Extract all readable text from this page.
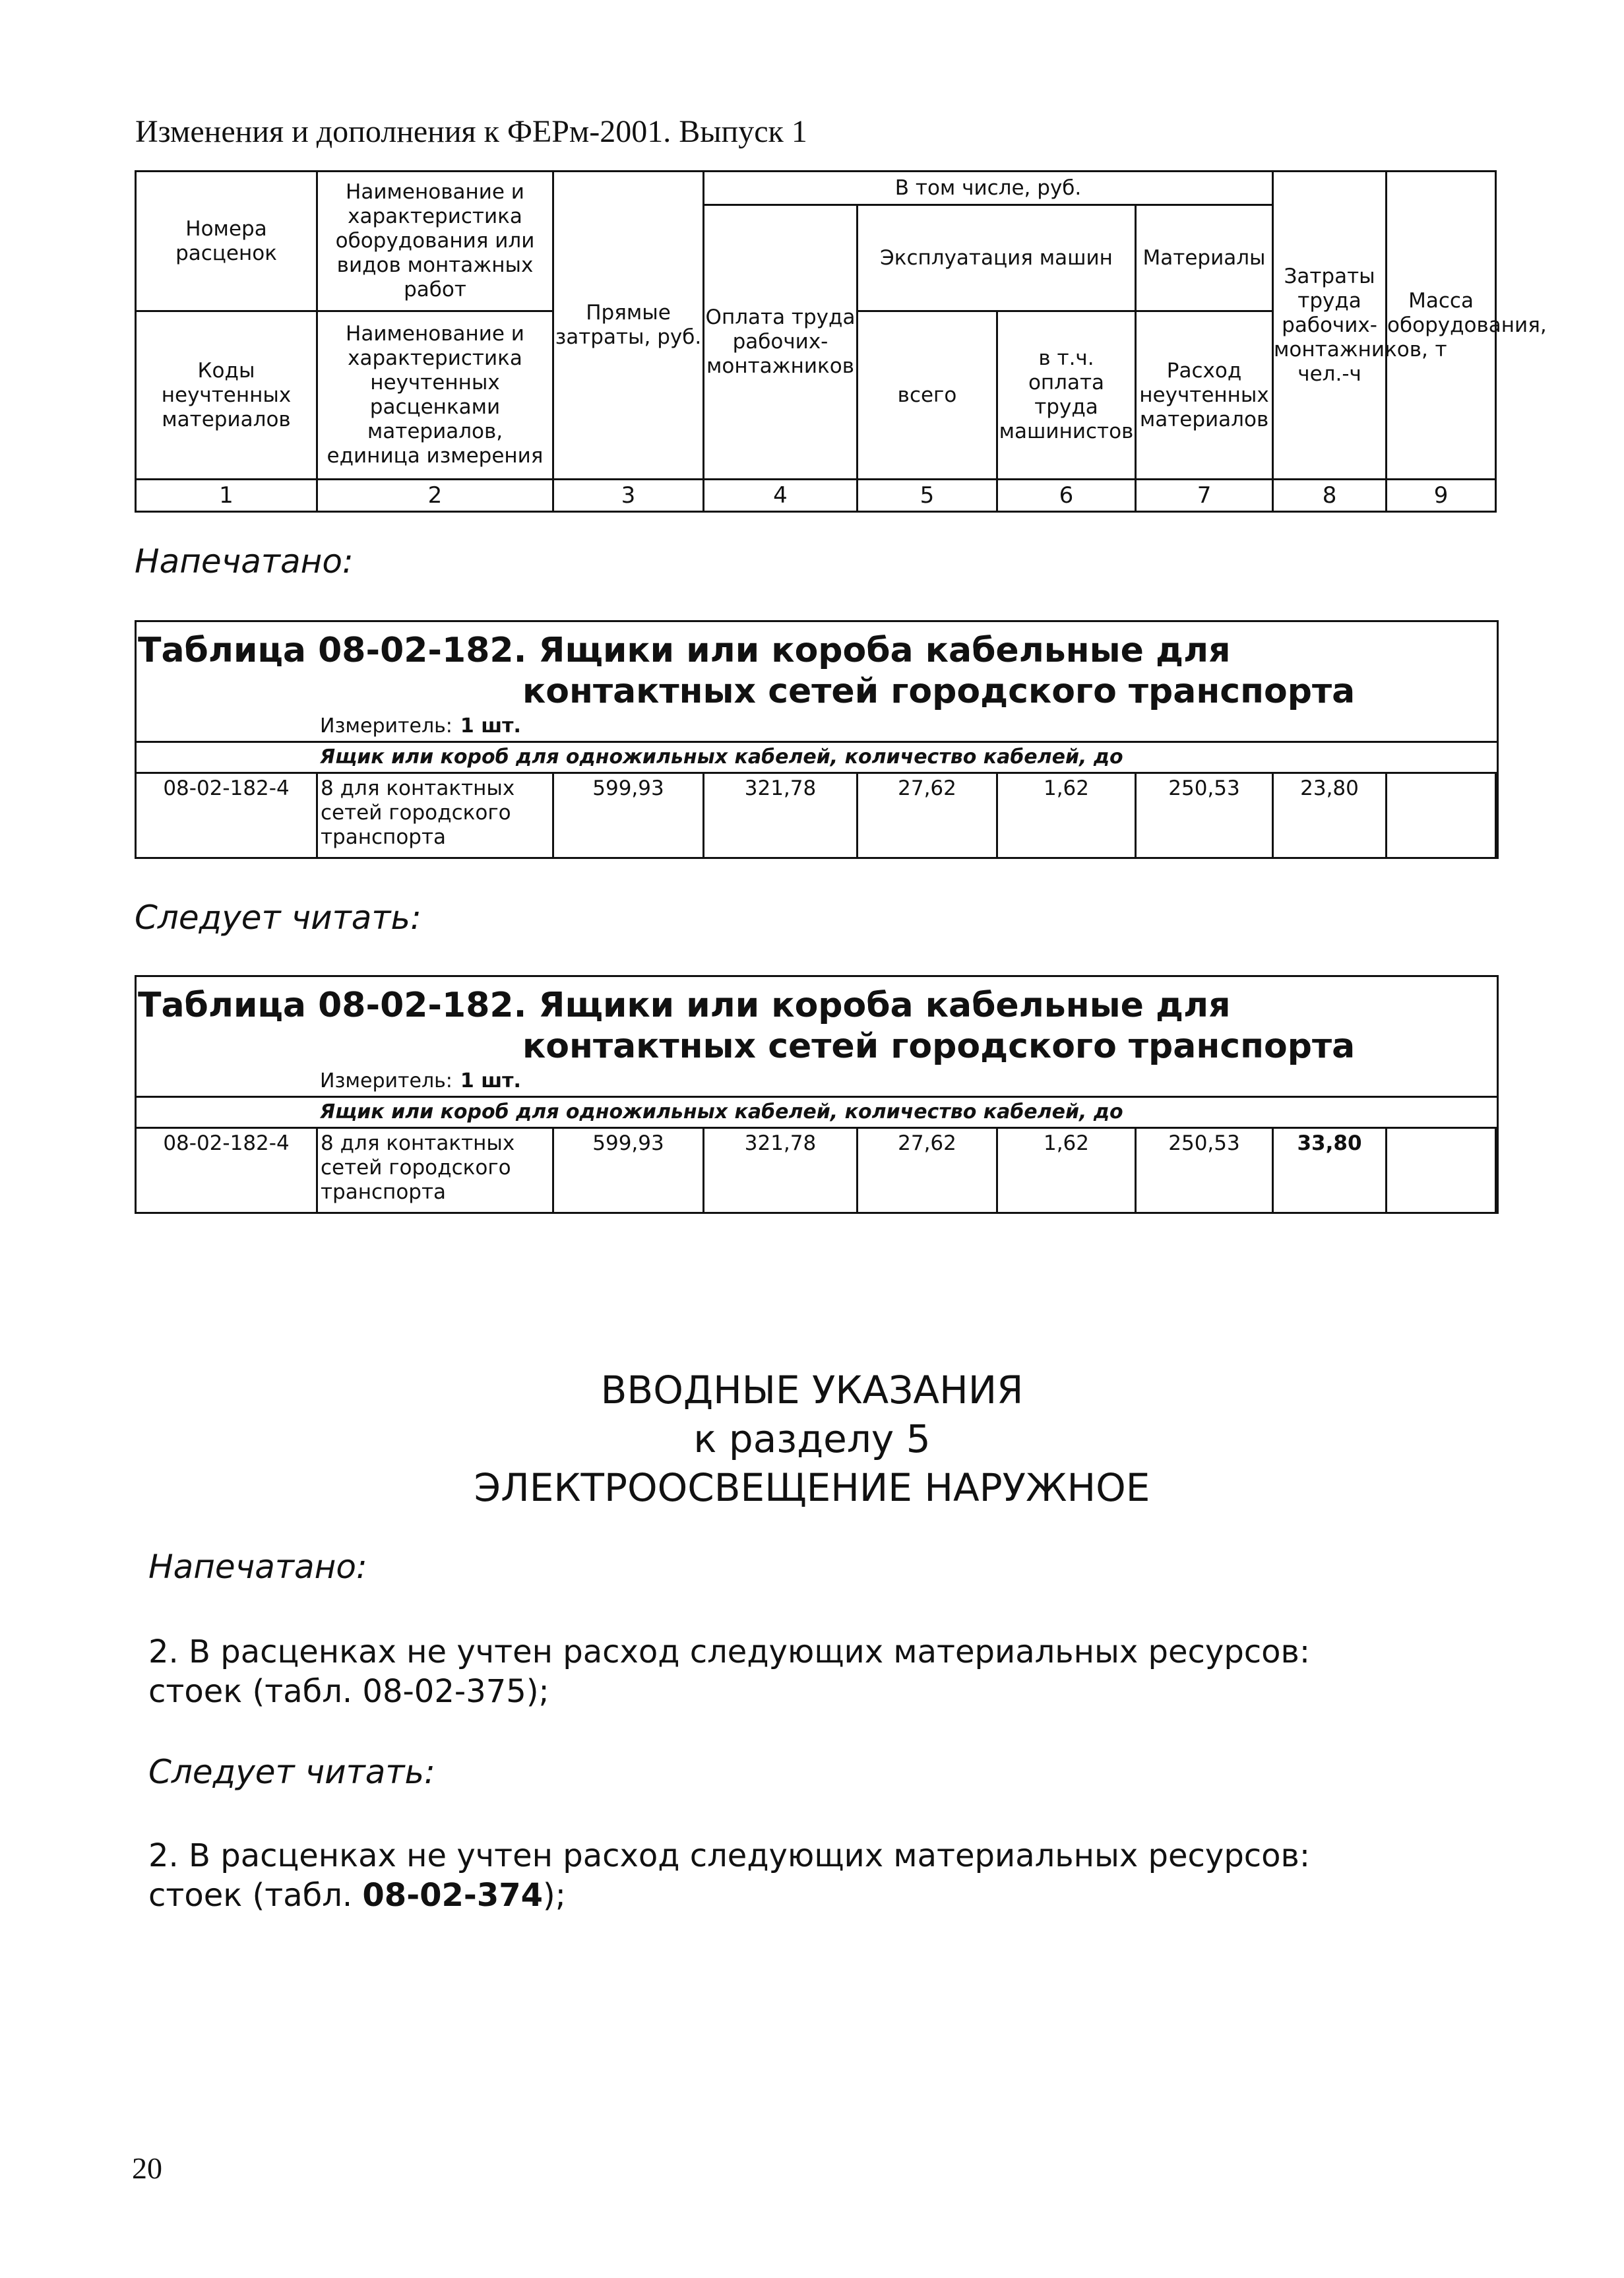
Изменения и дополнения к ФЕРм-2001. Выпуск 1
Номера расценок	Наименование и характеристика оборудования или видов монтажных работ	Прямые затраты, руб.	В том числе, руб.				Затраты труда рабочих-монтажников, чел.-ч	Масса оборудования, т
			Оплата труда рабочих-монтажников	Эксплуатация машин		Материалы		
Коды неучтенных материалов	Наименование и характеристика неучтенных расценками материалов, единица измерения			всего	в т.ч. оплата труда машинистов	Расход неучтенных материалов		

1	2	3	4	5	6	7	8	9
Напечатано:
Таблица 08-02-182. Ящики или короба кабельные для
контактных сетей городского транспорта
Измеритель: 1 шт.
Ящик или короб для одножильных кабелей, количество кабелей, до
08-02-182-4	8 для контактных сетей городского транспорта	599,93	321,78	27,62	1,62	250,53	23,80	
Следует читать:
Таблица 08-02-182. Ящики или короба кабельные для
контактных сетей городского транспорта
Измеритель: 1 шт.
Ящик или короб для одножильных кабелей, количество кабелей, до
08-02-182-4	8 для контактных сетей городского транспорта	599,93	321,78	27,62	1,62	250,53	33,80	
ВВОДНЫЕ УКАЗАНИЯ
к разделу 5
ЭЛЕКТРООСВЕЩЕНИЕ НАРУЖНОЕ
Напечатано:
2. В расценках не учтен расход следующих материальных ресурсов:
стоек (табл. 08-02-375);
Следует читать:
2. В расценках не учтен расход следующих материальных ресурсов:
стоек (табл. 08-02-374);
20
